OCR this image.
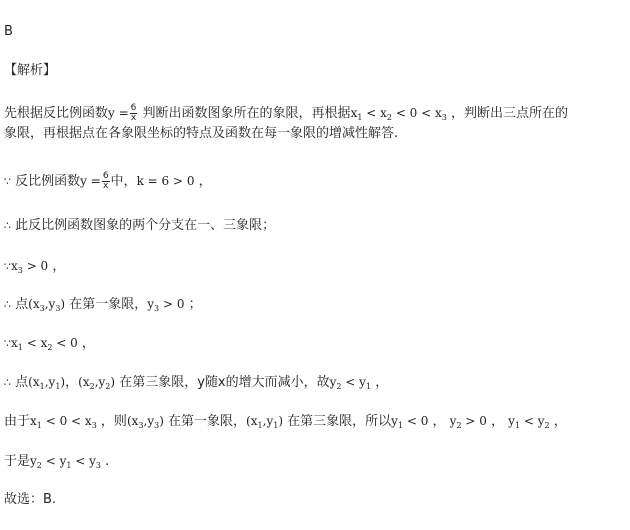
B
【解析】
先根据反比例函数$y = \frac{6}{x}$ 判断出函数图象所在的象限，再根据$x_1 < x_2 < 0 < x_3$ ，判断出三点所在的
象限，再根据点在各象限坐标的特点及函数在每一象限的增减性解答.
∵ 反比例函数$y = \frac{6}{x}$ 中，k = 6 > 0 ，
∴ 此反比例函数图象的两个分支在一、三象限；
$\because x_3 > 0$ ，
∴ 点$(x_3,y_3)$ 在第一象限，$y_3 > 0$ ；
$\because x_1 < x_2 < 0$ ，
∴ 点$(x_1,y_1)$，$(x_2,y_2)$ 在第三象限，y随x的增大而减小，故$y_2 < y_1$ ，
由于$x_1 < 0 < x_3$ ，则$(x_3,y_3)$ 在第一象限，$(x_1,y_1)$ 在第三象限，所以$y_1 < 0$ ， $y_2 > 0$ ， $y_1 < y_2$ ，
于是$y_2 < y_1 < y_3$ .
故选：B.
